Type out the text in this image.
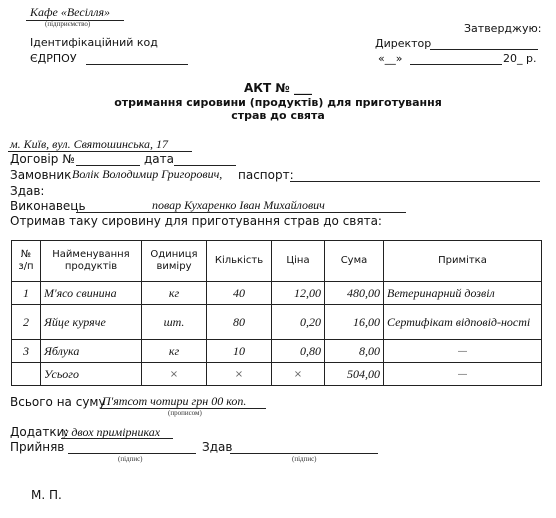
Кафе «Весілля»
(підприємство)
Ідентифікаційний код
ЄДРПОУ
Затверджую:
Директор
«__»	20_ р.
АКТ № ___
отримання сировини (продуктів) для приготування
страв до свята
м. Київ, вул. Святошинська, 17
Договір №	дата
Замовник Волік Володимир Григорович, паспорт:
Здав:
Виконавець	повар Кухаренко Іван Михайлович
Отримав таку сировину для приготування страв до свята:
№ з/п	Найменування продуктів	Одиниця виміру	Кількість	Ціна	Сума	Примітка
1	М'ясо свинина	кг	40	12,00	480,00	Ветеринарний дозвіл
2	Яйце куряче	шт.	80	0,20	16,00	Сертифікат відповід-ності
3	Яблука	кг	10	0,80	8,00	—
	Усього	×	×	×	504,00	—
Всього на суму
П'ятсот чотири грн 00 коп.
(прописом)
Додатки:
у двох примірниках
Прийняв
(підпис)
Здав
(підпис)
М. П.
